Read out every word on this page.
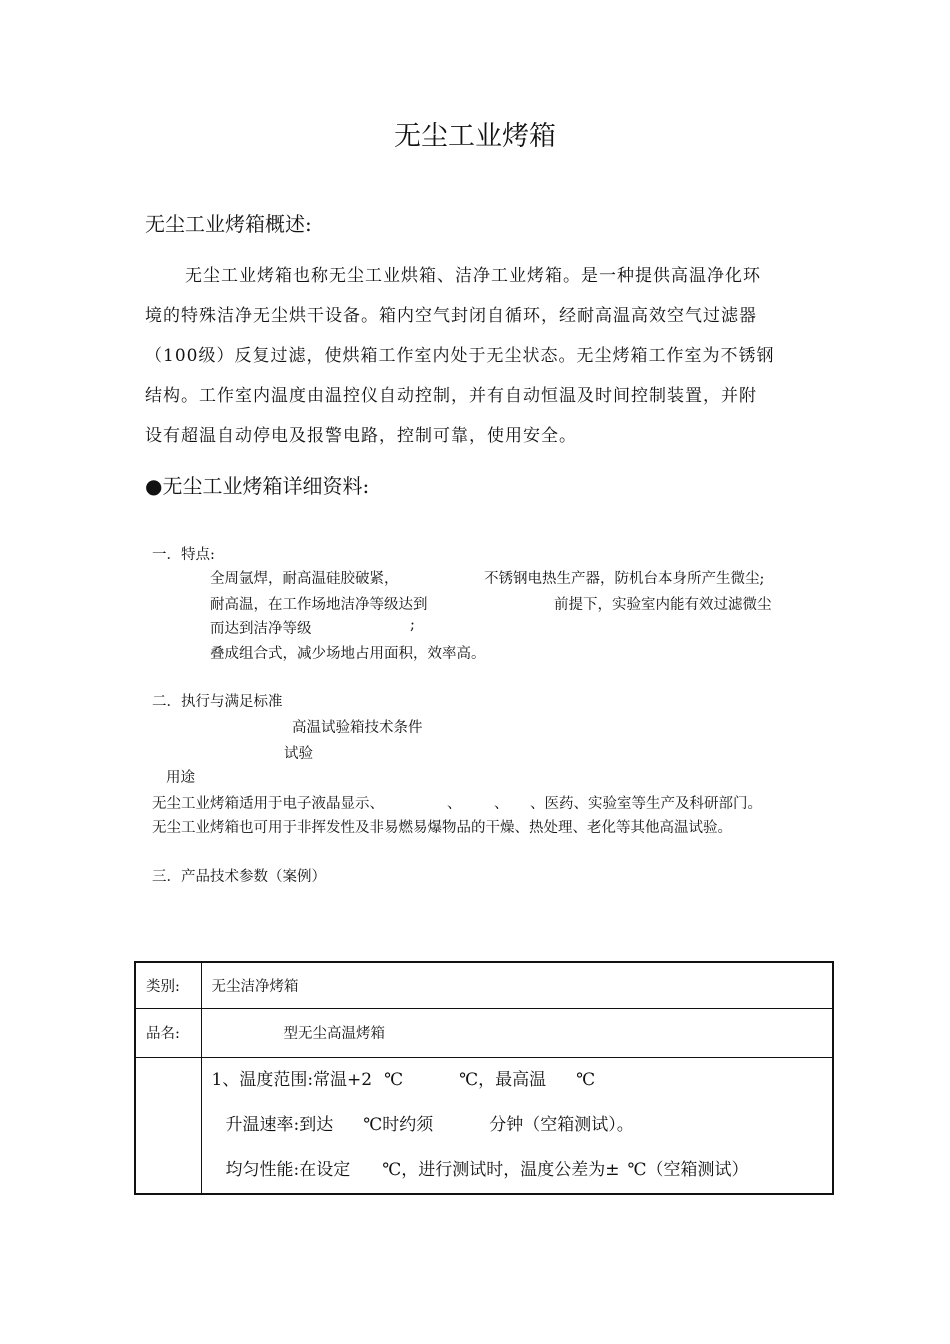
无尘工业烤箱
无尘工业烤箱概述:

无尘工业烤箱也称无尘工业烘箱、洁净工业烤箱。是一种提供高温净化环

境的特殊洁净无尘烘干设备。箱内空气封闭自循环，经耐高温高效空气过滤器

（100级）反复过滤，使烘箱工作室内处于无尘状态。无尘烤箱工作室为不锈钢

结构。工作室内温度由温控仪自动控制，并有自动恒温及时间控制装置，并附

设有超温自动停电及报警电路，控制可靠，使用安全。

●无尘工业烤箱详细资料:
一．特点:
全周氩焊，耐高温硅胶破紧，	不锈钢电热生产器，防机台本身所产生微尘;
耐高温，在工作场地洁净等级达到	前提下，实验室内能有效过滤微尘
而达到洁净等级	;
叠成组合式，减少场地占用面积，效率高。
二．执行与满足标准
高温试验箱技术条件
试验
用途
无尘工业烤箱适用于电子液晶显示、	、 、 、医药、实验室等生产及科研部门。
无尘工业烤箱也可用于非挥发性及非易燃易爆物品的干燥、热处理、老化等其他高温试验。
三．产品技术参数（案例）
类别:	无尘洁净烤箱
品名:	型无尘高温烤箱

	1、温度范围:常温+2 ℃ ℃，最高温 ℃
升温速率:到达 ℃时约须 分钟（空箱测试）。
均匀性能:在设定 ℃，进行测试时，温度公差为± ℃（空箱测试）
